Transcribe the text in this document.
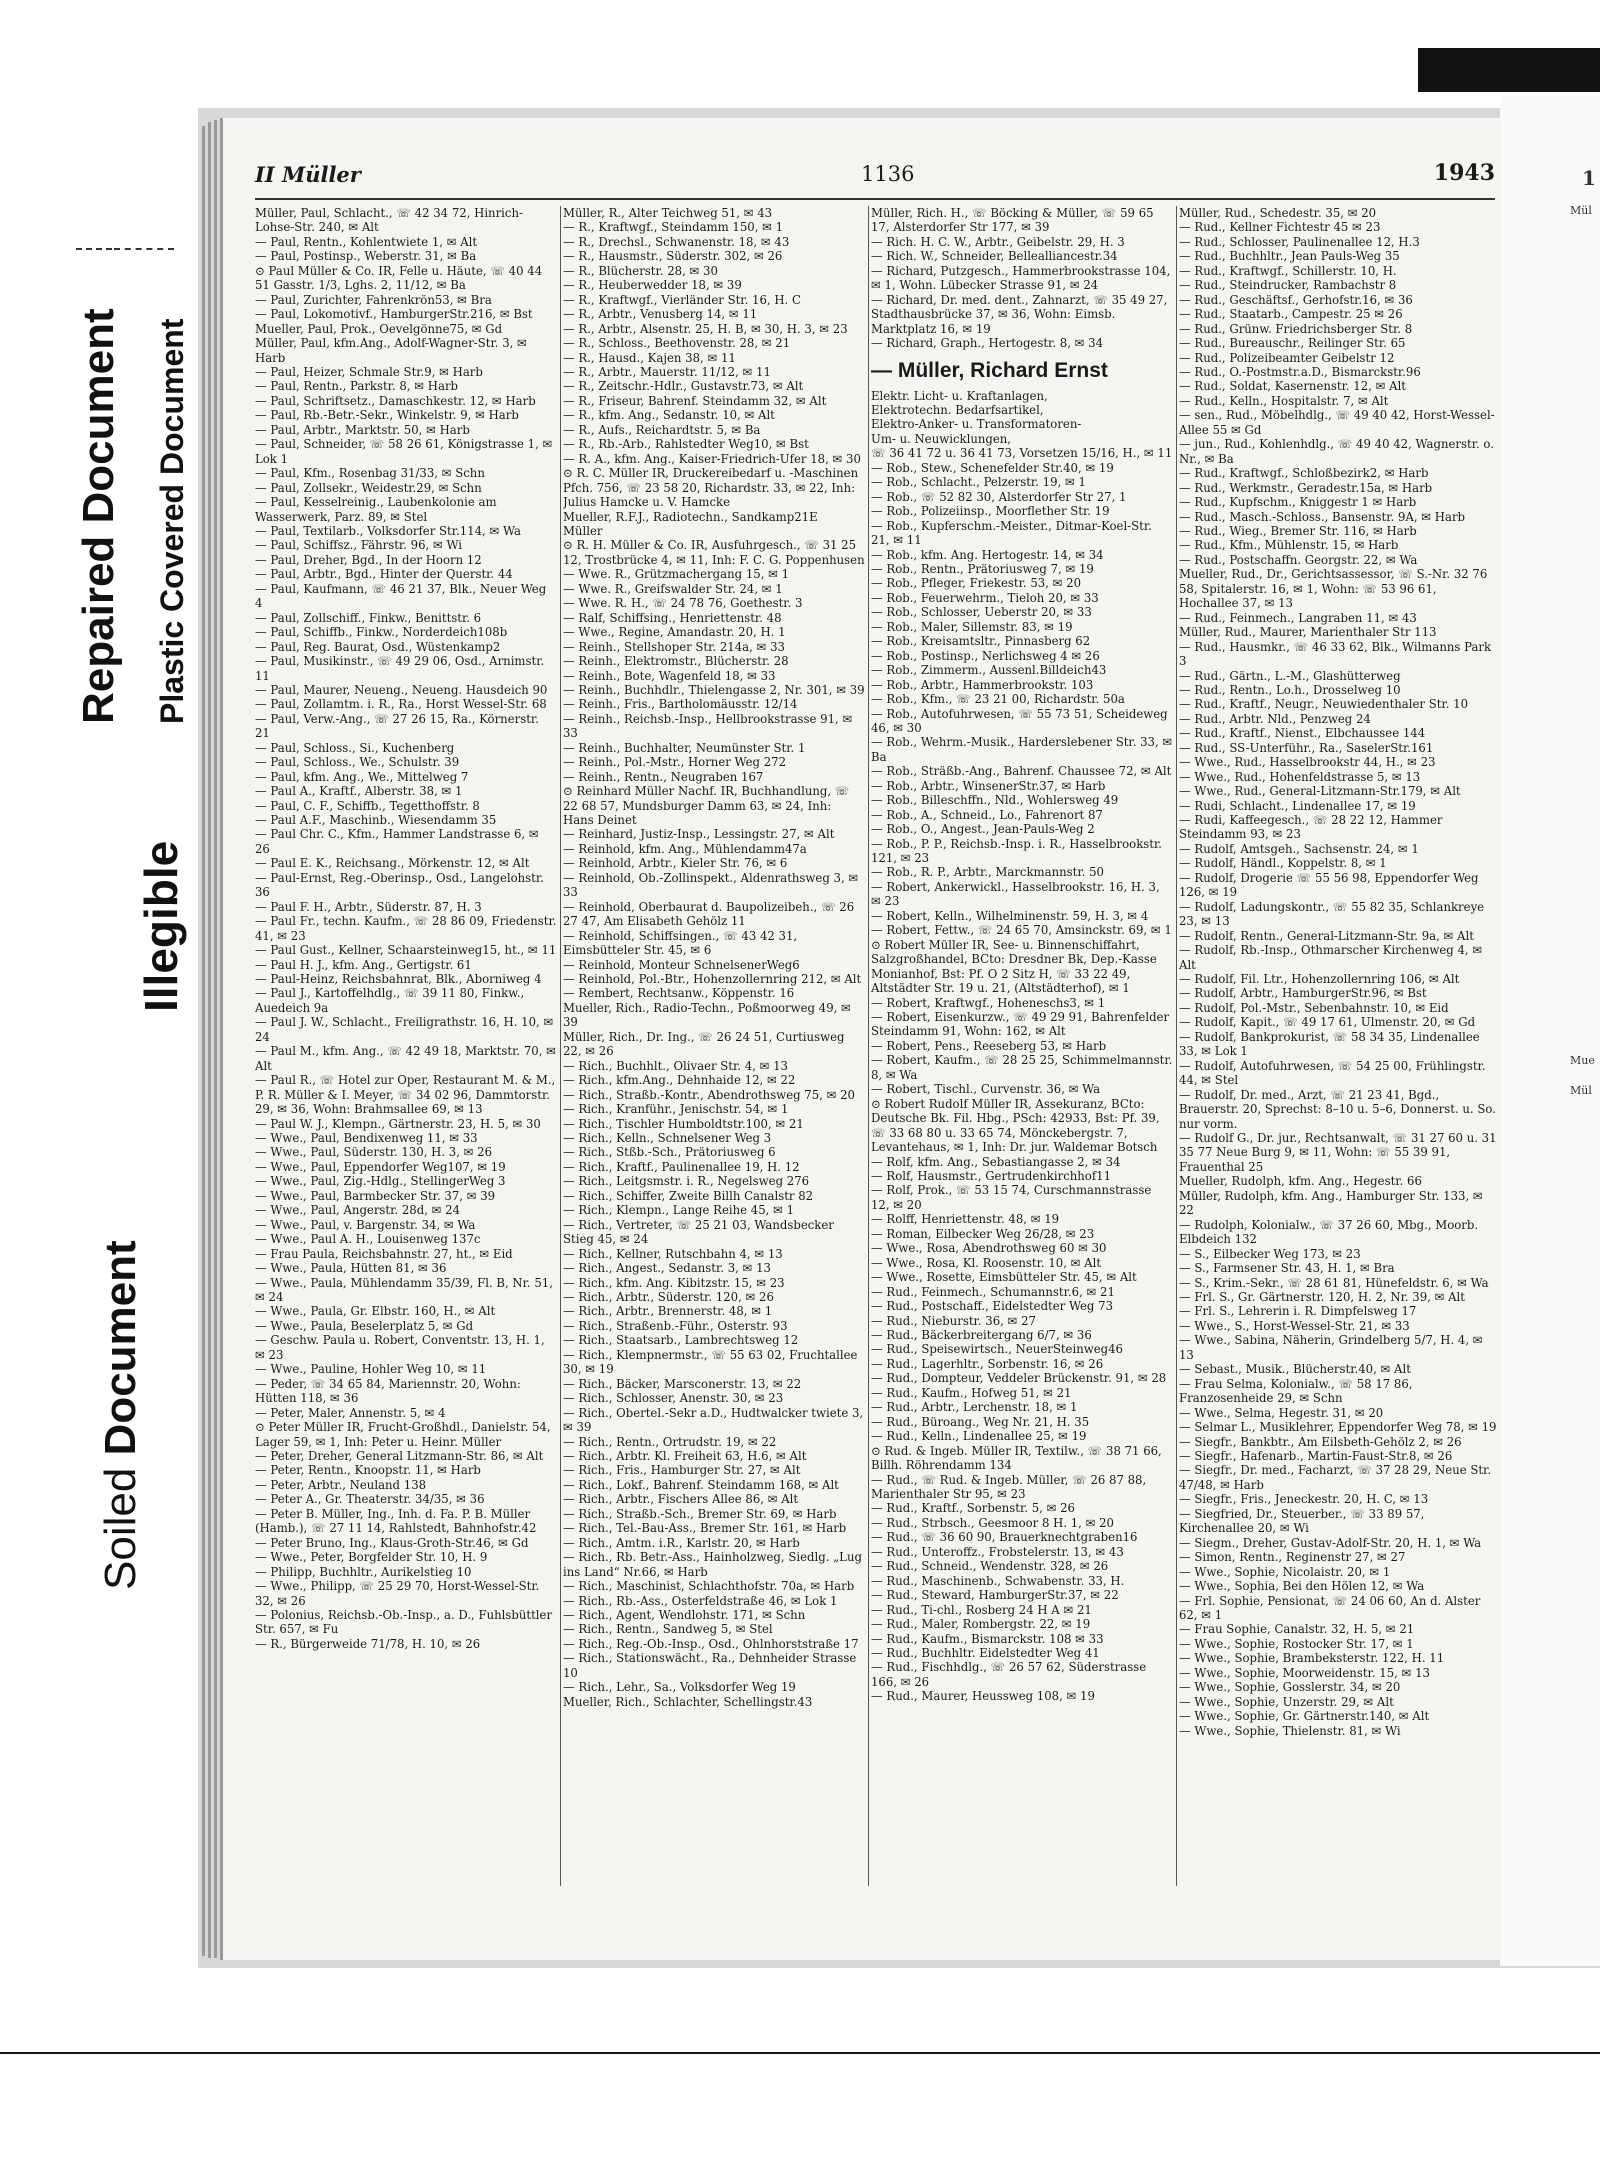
Repaired Document Plastic Covered Document
Illegible
Soiled Document
1
Mül
Mue
Mül
II Müller	1136	1943

Müller, Paul, Schlacht., ☏ 42 34 72, Hinrich-Lohse-Str. 240, ✉ Alt

— Paul, Rentn., Kohlentwiete 1, ✉ Alt

— Paul, Postinsp., Weberstr. 31, ✉ Ba

⊙ Paul Müller & Co. IR, Felle u. Häute, ☏ 40 44 51 Gasstr. 1/3, Lghs. 2, 11/12, ✉ Ba

— Paul, Zurichter, Fahrenkrön53, ✉ Bra

— Paul, Lokomotivf., HamburgerStr.216, ✉ Bst

Mueller, Paul, Prok., Oevelgönne75, ✉ Gd

Müller, Paul, kfm.Ang., Adolf-Wagner-Str. 3, ✉ Harb

— Paul, Heizer, Schmale Str.9, ✉ Harb

— Paul, Rentn., Parkstr. 8, ✉ Harb

— Paul, Schriftsetz., Damaschkestr. 12, ✉ Harb

— Paul, Rb.-Betr.-Sekr., Winkelstr. 9, ✉ Harb

— Paul, Arbtr., Marktstr. 50, ✉ Harb

— Paul, Schneider, ☏ 58 26 61, Königstrasse 1, ✉ Lok 1

— Paul, Kfm., Rosenbag 31/33, ✉ Schn

— Paul, Zollsekr., Weidestr.29, ✉ Schn

— Paul, Kesselreinig., Laubenkolonie am Wasserwerk, Parz. 89, ✉ Stel

— Paul, Textilarb., Volksdorfer Str.114, ✉ Wa

— Paul, Schiffsz., Fährstr. 96, ✉ Wi

— Paul, Dreher, Bgd., In der Hoorn 12

— Paul, Arbtr., Bgd., Hinter der Querstr. 44

— Paul, Kaufmann, ☏ 46 21 37, Blk., Neuer Weg 4

— Paul, Zollschiff., Finkw., Benittstr. 6

— Paul, Schiffb., Finkw., Norderdeich108b

— Paul, Reg. Baurat, Osd., Wüstenkamp2

— Paul, Musikinstr., ☏ 49 29 06, Osd., Arnimstr. 11

— Paul, Maurer, Neueng., Neueng. Hausdeich 90

— Paul, Zollamtm. i. R., Ra., Horst Wessel-Str. 68

— Paul, Verw.-Ang., ☏ 27 26 15, Ra., Körnerstr. 21

— Paul, Schloss., Si., Kuchenberg

— Paul, Schloss., We., Schulstr. 39

— Paul, kfm. Ang., We., Mittelweg 7

— Paul A., Kraftf., Alberstr. 38, ✉ 1

— Paul, C. F., Schiffb., Tegetthoffstr. 8

— Paul A.F., Maschinb., Wiesendamm 35

— Paul Chr. C., Kfm., Hammer Landstrasse 6, ✉ 26

— Paul E. K., Reichsang., Mörkenstr. 12, ✉ Alt

— Paul-Ernst, Reg.-Oberinsp., Osd., Langelohstr. 36

— Paul F. H., Arbtr., Süderstr. 87, H. 3

— Paul Fr., techn. Kaufm., ☏ 28 86 09, Friedenstr. 41, ✉ 23

— Paul Gust., Kellner, Schaarsteinweg15, ht., ✉ 11

— Paul H. J., kfm. Ang., Gertigstr. 61

— Paul-Heinz, Reichsbahnrat, Blk., Aborniweg 4

— Paul J., Kartoffelhdlg., ☏ 39 11 80, Finkw., Auedeich 9a

— Paul J. W., Schlacht., Freiligrathstr. 16, H. 10, ✉ 24

— Paul M., kfm. Ang., ☏ 42 49 18, Marktstr. 70, ✉ Alt

— Paul R., ☏ Hotel zur Oper, Restaurant M. & M., P. R. Müller & I. Meyer, ☏ 34 02 96, Dammtorstr. 29, ✉ 36, Wohn: Brahmsallee 69, ✉ 13

— Paul W. J., Klempn., Gärtnerstr. 23, H. 5, ✉ 30

— Wwe., Paul, Bendixenweg 11, ✉ 33

— Wwe., Paul, Süderstr. 130, H. 3, ✉ 26

— Wwe., Paul, Eppendorfer Weg107, ✉ 19

— Wwe., Paul, Zig.-Hdlg., StellingerWeg 3

— Wwe., Paul, Barmbecker Str. 37, ✉ 39

— Wwe., Paul, Angerstr. 28d, ✉ 24

— Wwe., Paul, v. Bargenstr. 34, ✉ Wa

— Wwe., Paul A. H., Louisenweg 137c

— Frau Paula, Reichsbahnstr. 27, ht., ✉ Eid

— Wwe., Paula, Hütten 81, ✉ 36

— Wwe., Paula, Mühlendamm 35/39, Fl. B, Nr. 51, ✉ 24

— Wwe., Paula, Gr. Elbstr. 160, H., ✉ Alt

— Wwe., Paula, Beselerplatz 5, ✉ Gd

— Geschw. Paula u. Robert, Conventstr. 13, H. 1, ✉ 23

— Wwe., Pauline, Hohler Weg 10, ✉ 11

— Peder, ☏ 34 65 84, Mariennstr. 20, Wohn: Hütten 118, ✉ 36

— Peter, Maler, Annenstr. 5, ✉ 4

⊙ Peter Müller IR, Frucht-Großhdl., Danielstr. 54, Lager 59, ✉ 1, Inh: Peter u. Heinr. Müller

— Peter, Dreher, General Litzmann-Str. 86, ✉ Alt

— Peter, Rentn., Knoopstr. 11, ✉ Harb

— Peter, Arbtr., Neuland 138

— Peter A., Gr. Theaterstr. 34/35, ✉ 36

— Peter B. Müller, Ing., Inh. d. Fa. P. B. Müller (Hamb.), ☏ 27 11 14, Rahlstedt, Bahnhofstr.42

— Peter Bruno, Ing., Klaus-Groth-Str.46, ✉ Gd

— Wwe., Peter, Borgfelder Str. 10, H. 9

— Philipp, Buchhltr., Aurikelstieg 10

— Wwe., Philipp, ☏ 25 29 70, Horst-Wessel-Str. 32, ✉ 26

— Polonius, Reichsb.-Ob.-Insp., a. D., Fuhlsbüttler Str. 657, ✉ Fu

— R., Bürgerweide 71/78, H. 10, ✉ 26

Müller, R., Alter Teichweg 51, ✉ 43

— R., Kraftwgf., Steindamm 150, ✉ 1

— R., Drechsl., Schwanenstr. 18, ✉ 43

— R., Hausmstr., Süderstr. 302, ✉ 26

— R., Blücherstr. 28, ✉ 30

— R., Heuberwedder 18, ✉ 39

— R., Kraftwgf., Vierländer Str. 16, H. C

— R., Arbtr., Venusberg 14, ✉ 11

— R., Arbtr., Alsenstr. 25, H. B, ✉ 30, H. 3, ✉ 23

— R., Schloss., Beethovenstr. 28, ✉ 21

— R., Hausd., Kajen 38, ✉ 11

— R., Arbtr., Mauerstr. 11/12, ✉ 11

— R., Zeitschr.-Hdlr., Gustavstr.73, ✉ Alt

— R., Friseur, Bahrenf. Steindamm 32, ✉ Alt

— R., kfm. Ang., Sedanstr. 10, ✉ Alt

— R., Aufs., Reichardtstr. 5, ✉ Ba

— R., Rb.-Arb., Rahlstedter Weg10, ✉ Bst

— R. A., kfm. Ang., Kaiser-Friedrich-Ufer 18, ✉ 30

⊙ R. C. Müller IR, Druckereibedarf u. -Maschinen Pfch. 756, ☏ 23 58 20, Richardstr. 33, ✉ 22, Inh: Julius Hamcke u. V. Hamcke

Mueller, R.F.J., Radiotechn., Sandkamp21E

Müller

⊙ R. H. Müller & Co. IR, Ausfuhrgesch., ☏ 31 25 12, Trostbrücke 4, ✉ 11, Inh: F. C. G. Poppenhusen

— Wwe. R., Grützmachergang 15, ✉ 1

— Wwe. R., Greifswalder Str. 24, ✉ 1

— Wwe. R. H., ☏ 24 78 76, Goethestr. 3

— Ralf, Schiffsing., Henriettenstr. 48

— Wwe., Regine, Amandastr. 20, H. 1

— Reinh., Stellshoper Str. 214a, ✉ 33

— Reinh., Elektromstr., Blücherstr. 28

— Reinh., Bote, Wagenfeld 18, ✉ 33

— Reinh., Buchhdlr., Thielengasse 2, Nr. 301, ✉ 39

— Reinh., Fris., Bartholomäusstr. 12/14

— Reinh., Reichsb.-Insp., Hellbrookstrasse 91, ✉ 33

— Reinh., Buchhalter, Neumünster Str. 1

— Reinh., Pol.-Mstr., Horner Weg 272

— Reinh., Rentn., Neugraben 167

⊙ Reinhard Müller Nachf. IR, Buchhandlung, ☏ 22 68 57, Mundsburger Damm 63, ✉ 24, Inh: Hans Deinet

— Reinhard, Justiz-Insp., Lessingstr. 27, ✉ Alt

— Reinhold, kfm. Ang., Mühlendamm47a

— Reinhold, Arbtr., Kieler Str. 76, ✉ 6

— Reinhold, Ob.-Zollinspekt., Aldenrathsweg 3, ✉ 33

— Reinhold, Oberbaurat d. Baupolizeibeh., ☏ 26 27 47, Am Elisabeth Gehölz 11

— Reinhold, Schiffsingen., ☏ 43 42 31, Eimsbütteler Str. 45, ✉ 6

— Reinhold, Monteur SchnelsenerWeg6

— Reinhold, Pol.-Btr., Hohenzollernring 212, ✉ Alt

— Rembert, Rechtsanw., Köppenstr. 16

Mueller, Rich., Radio-Techn., Poßmoorweg 49, ✉ 39

Müller, Rich., Dr. Ing., ☏ 26 24 51, Curtiusweg 22, ✉ 26

— Rich., Buchhlt., Olivaer Str. 4, ✉ 13

— Rich., kfm.Ang., Dehnhaide 12, ✉ 22

— Rich., Straßb.-Kontr., Abendrothsweg 75, ✉ 20

— Rich., Kranführ., Jenischstr. 54, ✉ 1

— Rich., Tischler Humboldtstr.100, ✉ 21

— Rich., Kelln., Schnelsener Weg 3

— Rich., Stßb.-Sch., Prätoriusweg 6

— Rich., Kraftf., Paulinenallee 19, H. 12

— Rich., Leitgsmstr. i. R., Negelsweg 276

— Rich., Schiffer, Zweite Billh Canalstr 82

— Rich., Klempn., Lange Reihe 45, ✉ 1

— Rich., Vertreter, ☏ 25 21 03, Wandsbecker Stieg 45, ✉ 24

— Rich., Kellner, Rutschbahn 4, ✉ 13

— Rich., Angest., Sedanstr. 3, ✉ 13

— Rich., kfm. Ang. Kibitzstr. 15, ✉ 23

— Rich., Arbtr., Süderstr. 120, ✉ 26

— Rich., Arbtr., Brennerstr. 48, ✉ 1

— Rich., Straßenb.-Führ., Osterstr. 93

— Rich., Staatsarb., Lambrechtsweg 12

— Rich., Klempnermstr., ☏ 55 63 02, Fruchtallee 30, ✉ 19

— Rich., Bäcker, Marsconerstr. 13, ✉ 22

— Rich., Schlosser, Anenstr. 30, ✉ 23

— Rich., Obertel.-Sekr a.D., Hudtwalcker twiete 3, ✉ 39

— Rich., Rentn., Ortrudstr. 19, ✉ 22

— Rich., Arbtr. Kl. Freiheit 63, H.6, ✉ Alt

— Rich., Fris., Hamburger Str. 27, ✉ Alt

— Rich., Lokf., Bahrenf. Steindamm 168, ✉ Alt

— Rich., Arbtr., Fischers Allee 86, ✉ Alt

— Rich., Straßb.-Sch., Bremer Str. 69, ✉ Harb

— Rich., Tel.-Bau-Ass., Bremer Str. 161, ✉ Harb

— Rich., Amtm. i.R., Karlstr. 20, ✉ Harb

— Rich., Rb. Betr.-Ass., Hainholzweg, Siedlg. „Lug ins Land“ Nr.66, ✉ Harb

— Rich., Maschinist, Schlachthofstr. 70a, ✉ Harb

— Rich., Rb.-Ass., Osterfeldstraße 46, ✉ Lok 1

— Rich., Agent, Wendlohstr. 171, ✉ Schn

— Rich., Rentn., Sandweg 5, ✉ Stel

— Rich., Reg.-Ob.-Insp., Osd., Ohlnhorststraße 17

— Rich., Stationswächt., Ra., Dehnheider Strasse 10

— Rich., Lehr., Sa., Volksdorfer Weg 19

Mueller, Rich., Schlachter, Schellingstr.43

Müller, Rich. H., ☏ Böcking & Müller, ☏ 59 65 17, Alsterdorfer Str 177, ✉ 39

— Rich. H. C. W., Arbtr., Geibelstr. 29, H. 3

— Rich. W., Schneider, Bellealliancestr.34

— Richard, Putzgesch., Hammerbrookstrasse 104, ✉ 1, Wohn. Lübecker Strasse 91, ✉ 24

— Richard, Dr. med. dent., Zahnarzt, ☏ 35 49 27, Stadthausbrücke 37, ✉ 36, Wohn: Eimsb. Marktplatz 16, ✉ 19

— Richard, Graph., Hertogestr. 8, ✉ 34

— Müller, Richard Ernst

Elektr. Licht- u. Kraftanlagen,

Elektrotechn. Bedarfsartikel,

Elektro-Anker- u. Transformatoren-

Um- u. Neuwicklungen,

☏ 36 41 72 u. 36 41 73, Vorsetzen 15/16, H., ✉ 11

— Rob., Stew., Schenefelder Str.40, ✉ 19

— Rob., Schlacht., Pelzerstr. 19, ✉ 1

— Rob., ☏ 52 82 30, Alsterdorfer Str 27, 1

— Rob., Polizeiinsp., Moorflether Str. 19

— Rob., Kupferschm.-Meister., Ditmar-Koel-Str. 21, ✉ 11

— Rob., kfm. Ang. Hertogestr. 14, ✉ 34

— Rob., Rentn., Prätoriusweg 7, ✉ 19

— Rob., Pfleger, Friekestr. 53, ✉ 20

— Rob., Feuerwehrm., Tieloh 20, ✉ 33

— Rob., Schlosser, Ueberstr 20, ✉ 33

— Rob., Maler, Sillemstr. 83, ✉ 19

— Rob., Kreisamtsltr., Pinnasberg 62

— Rob., Postinsp., Nerlichsweg 4 ✉ 26

— Rob., Zimmerm., Aussenl.Billdeich43

— Rob., Arbtr., Hammerbrookstr. 103

— Rob., Kfm., ☏ 23 21 00, Richardstr. 50a

— Rob., Autofuhrwesen, ☏ 55 73 51, Scheideweg 46, ✉ 30

— Rob., Wehrm.-Musik., Harderslebener Str. 33, ✉ Ba

— Rob., Sträßb.-Ang., Bahrenf. Chaussee 72, ✉ Alt

— Rob., Arbtr., WinsenerStr.37, ✉ Harb

— Rob., Billeschffn., Nld., Wohlersweg 49

— Rob., A., Schneid., Lo., Fahrenort 87

— Rob., O., Angest., Jean-Pauls-Weg 2

— Rob., P. P., Reichsb.-Insp. i. R., Hasselbrookstr. 121, ✉ 23

— Rob., R. P., Arbtr., Marckmannstr. 50

— Robert, Ankerwickl., Hasselbrookstr. 16, H. 3, ✉ 23

— Robert, Kelln., Wilhelminenstr. 59, H. 3, ✉ 4

— Robert, Fettw., ☏ 24 65 70, Amsinckstr. 69, ✉ 1

⊙ Robert Müller IR, See- u. Binnenschiffahrt, Salzgroßhandel, BCto: Dresdner Bk, Dep.-Kasse Monianhof, Bst: Pf. O 2 Sitz H, ☏ 33 22 49, Altstädter Str. 19 u. 21, (Altstädterhof), ✉ 1

— Robert, Kraftwgf., Hoheneschs3, ✉ 1

— Robert, Eisenkurzw., ☏ 49 29 91, Bahrenfelder Steindamm 91, Wohn: 162, ✉ Alt

— Robert, Pens., Reeseberg 53, ✉ Harb

— Robert, Kaufm., ☏ 28 25 25, Schimmelmannstr. 8, ✉ Wa

— Robert, Tischl., Curvenstr. 36, ✉ Wa

⊙ Robert Rudolf Müller IR, Assekuranz, BCto: Deutsche Bk. Fil. Hbg., PSch: 42933, Bst: Pf. 39, ☏ 33 68 80 u. 33 65 74, Mönckebergstr. 7, Levantehaus, ✉ 1, Inh: Dr. jur. Waldemar Botsch

— Rolf, kfm. Ang., Sebastiangasse 2, ✉ 34

— Rolf, Hausmstr., Gertrudenkirchhof11

— Rolf, Prok., ☏ 53 15 74, Curschmannstrasse 12, ✉ 20

— Rolff, Henriettenstr. 48, ✉ 19

— Roman, Eilbecker Weg 26/28, ✉ 23

— Wwe., Rosa, Abendrothsweg 60 ✉ 30

— Wwe., Rosa, Kl. Roosenstr. 10, ✉ Alt

— Wwe., Rosette, Eimsbütteler Str. 45, ✉ Alt

— Rud., Feinmech., Schumannstr.6, ✉ 21

— Rud., Postschaff., Eidelstedter Weg 73

— Rud., Nieburstr. 36, ✉ 27

— Rud., Bäckerbreitergang 6/7, ✉ 36

— Rud., Speisewirtsch., NeuerSteinweg46

— Rud., Lagerhltr., Sorbenstr. 16, ✉ 26

— Rud., Dompteur, Veddeler Brückenstr. 91, ✉ 28

— Rud., Kaufm., Hofweg 51, ✉ 21

— Rud., Arbtr., Lerchenstr. 18, ✉ 1

— Rud., Büroang., Weg Nr. 21, H. 35

— Rud., Kelln., Lindenallee 25, ✉ 19

⊙ Rud. & Ingeb. Müller IR, Textilw., ☏ 38 71 66, Billh. Röhrendamm 134

— Rud., ☏ Rud. & Ingeb. Müller, ☏ 26 87 88, Marienthaler Str 95, ✉ 23

— Rud., Kraftf., Sorbenstr. 5, ✉ 26

— Rud., Strbsch., Geesmoor 8 H. 1, ✉ 20

— Rud., ☏ 36 60 90, Brauerknechtgraben16

— Rud., Unteroffz., Frobstelerstr. 13, ✉ 43

— Rud., Schneid., Wendenstr. 328, ✉ 26

— Rud., Maschinenb., Schwabenstr. 33, H.

— Rud., Steward, HamburgerStr.37, ✉ 22

— Rud., Ti-chl., Rosberg 24 H A ✉ 21

— Rud., Maler, Rombergstr. 22, ✉ 19

— Rud., Kaufm., Bismarckstr. 108 ✉ 33

— Rud., Buchhltr. Eidelstedter Weg 41

— Rud., Fischhdlg., ☏ 26 57 62, Süderstrasse 166, ✉ 26

— Rud., Maurer, Heussweg 108, ✉ 19

Müller, Rud., Schedestr. 35, ✉ 20

— Rud., Kellner Fichtestr 45 ✉ 23

— Rud., Schlosser, Paulinenallee 12, H.3

— Rud., Buchhltr., Jean Pauls-Weg 35

— Rud., Kraftwgf., Schillerstr. 10, H.

— Rud., Steindrucker, Rambachstr 8

— Rud., Geschäftsf., Gerhofstr.16, ✉ 36

— Rud., Staatarb., Campestr. 25 ✉ 26

— Rud., Grünw. Friedrichsberger Str. 8

— Rud., Bureauschr., Reilinger Str. 65

— Rud., Polizeibeamter Geibelstr 12

— Rud., O.-Postmstr.a.D., Bismarckstr.96

— Rud., Soldat, Kasernenstr. 12, ✉ Alt

— Rud., Kelln., Hospitalstr. 7, ✉ Alt

— sen., Rud., Möbelhdlg., ☏ 49 40 42, Horst-Wessel-Allee 55 ✉ Gd

— jun., Rud., Kohlenhdlg., ☏ 49 40 42, Wagnerstr. o. Nr., ✉ Ba

— Rud., Kraftwgf., Schloßbezirk2, ✉ Harb

— Rud., Werkmstr., Geradestr.15a, ✉ Harb

— Rud., Kupfschm., Kniggestr 1 ✉ Harb

— Rud., Masch.-Schloss., Bansenstr. 9A, ✉ Harb

— Rud., Wieg., Bremer Str. 116, ✉ Harb

— Rud., Kfm., Mühlenstr. 15, ✉ Harb

— Rud., Postschaffn. Georgstr. 22, ✉ Wa

Mueller, Rud., Dr., Gerichtsassessor, ☏ S.-Nr. 32 76 58, Spitalerstr. 16, ✉ 1, Wohn: ☏ 53 96 61, Hochallee 37, ✉ 13

— Rud., Feinmech., Langraben 11, ✉ 43

Müller, Rud., Maurer, Marienthaler Str 113

— Rud., Hausmkr., ☏ 46 33 62, Blk., Wilmanns Park 3

— Rud., Gärtn., L.-M., Glashütterweg

— Rud., Rentn., Lo.h., Drosselweg 10

— Rud., Kraftf., Neugr., Neuwiedenthaler Str. 10

— Rud., Arbtr. Nld., Penzweg 24

— Rud., Kraftf., Nienst., Elbchaussee 144

— Rud., SS-Unterführ., Ra., SaselerStr.161

— Wwe., Rud., Hasselbrookstr 44, H., ✉ 23

— Wwe., Rud., Hohenfeldstrasse 5, ✉ 13

— Wwe., Rud., General-Litzmann-Str.179, ✉ Alt

— Rudi, Schlacht., Lindenallee 17, ✉ 19

— Rudi, Kaffeegesch., ☏ 28 22 12, Hammer Steindamm 93, ✉ 23

— Rudolf, Amtsgeh., Sachsenstr. 24, ✉ 1

— Rudolf, Händl., Koppelstr. 8, ✉ 1

— Rudolf, Drogerie ☏ 55 56 98, Eppendorfer Weg 126, ✉ 19

— Rudolf, Ladungskontr., ☏ 55 82 35, Schlankreye 23, ✉ 13

— Rudolf, Rentn., General-Litzmann-Str. 9a, ✉ Alt

— Rudolf, Rb.-Insp., Othmarscher Kirchenweg 4, ✉ Alt

— Rudolf, Fil. Ltr., Hohenzollernring 106, ✉ Alt

— Rudolf, Arbtr., HamburgerStr.96, ✉ Bst

— Rudolf, Pol.-Mstr., Sebenbahnstr. 10, ✉ Eid

— Rudolf, Kapit., ☏ 49 17 61, Ulmenstr. 20, ✉ Gd

— Rudolf, Bankprokurist, ☏ 58 34 35, Lindenallee 33, ✉ Lok 1

— Rudolf, Autofuhrwesen, ☏ 54 25 00, Frühlingstr. 44, ✉ Stel

— Rudolf, Dr. med., Arzt, ☏ 21 23 41, Bgd., Brauerstr. 20, Sprechst: 8–10 u. 5–6, Donnerst. u. So. nur vorm.

— Rudolf G., Dr. jur., Rechtsanwalt, ☏ 31 27 60 u. 31 35 77 Neue Burg 9, ✉ 11, Wohn: ☏ 55 39 91, Frauenthal 25

Mueller, Rudolph, kfm. Ang., Hegestr. 66

Müller, Rudolph, kfm. Ang., Hamburger Str. 133, ✉ 22

— Rudolph, Kolonialw., ☏ 37 26 60, Mbg., Moorb. Elbdeich 132

— S., Eilbecker Weg 173, ✉ 23

— S., Farmsener Str. 43, H. 1, ✉ Bra

— S., Krim.-Sekr., ☏ 28 61 81, Hünefeldstr. 6, ✉ Wa

— Frl. S., Gr. Gärtnerstr. 120, H. 2, Nr. 39, ✉ Alt

— Frl. S., Lehrerin i. R. Dimpfelsweg 17

— Wwe., S., Horst-Wessel-Str. 21, ✉ 33

— Wwe., Sabina, Näherin, Grindelberg 5/7, H. 4, ✉ 13

— Sebast., Musik., Blücherstr.40, ✉ Alt

— Frau Selma, Kolonialw., ☏ 58 17 86, Franzosenheide 29, ✉ Schn

— Wwe., Selma, Hegestr. 31, ✉ 20

— Selmar L., Musiklehrer, Eppendorfer Weg 78, ✉ 19

— Siegfr., Bankbtr., Am Eilsbeth-Gehölz 2, ✉ 26

— Siegfr., Hafenarb., Martin-Faust-Str.8, ✉ 26

— Siegfr., Dr. med., Facharzt, ☏ 37 28 29, Neue Str. 47/48, ✉ Harb

— Siegfr., Fris., Jeneckestr. 20, H. C, ✉ 13

— Siegfried, Dr., Steuerber., ☏ 33 89 57, Kirchenallee 20, ✉ Wi

— Siegm., Dreher, Gustav-Adolf-Str. 20, H. 1, ✉ Wa

— Simon, Rentn., Reginenstr 27, ✉ 27

— Wwe., Sophie, Nicolaistr. 20, ✉ 1

— Wwe., Sophia, Bei den Hölen 12, ✉ Wa

— Frl. Sophie, Pensionat, ☏ 24 06 60, An d. Alster 62, ✉ 1

— Frau Sophie, Canalstr. 32, H. 5, ✉ 21

— Wwe., Sophie, Rostocker Str. 17, ✉ 1

— Wwe., Sophie, Brambeksterstr. 122, H. 11

— Wwe., Sophie, Moorweidenstr. 15, ✉ 13

— Wwe., Sophie, Gosslerstr. 34, ✉ 20

— Wwe., Sophie, Unzerstr. 29, ✉ Alt

— Wwe., Sophie, Gr. Gärtnerstr.140, ✉ Alt

— Wwe., Sophie, Thielenstr. 81, ✉ Wi
